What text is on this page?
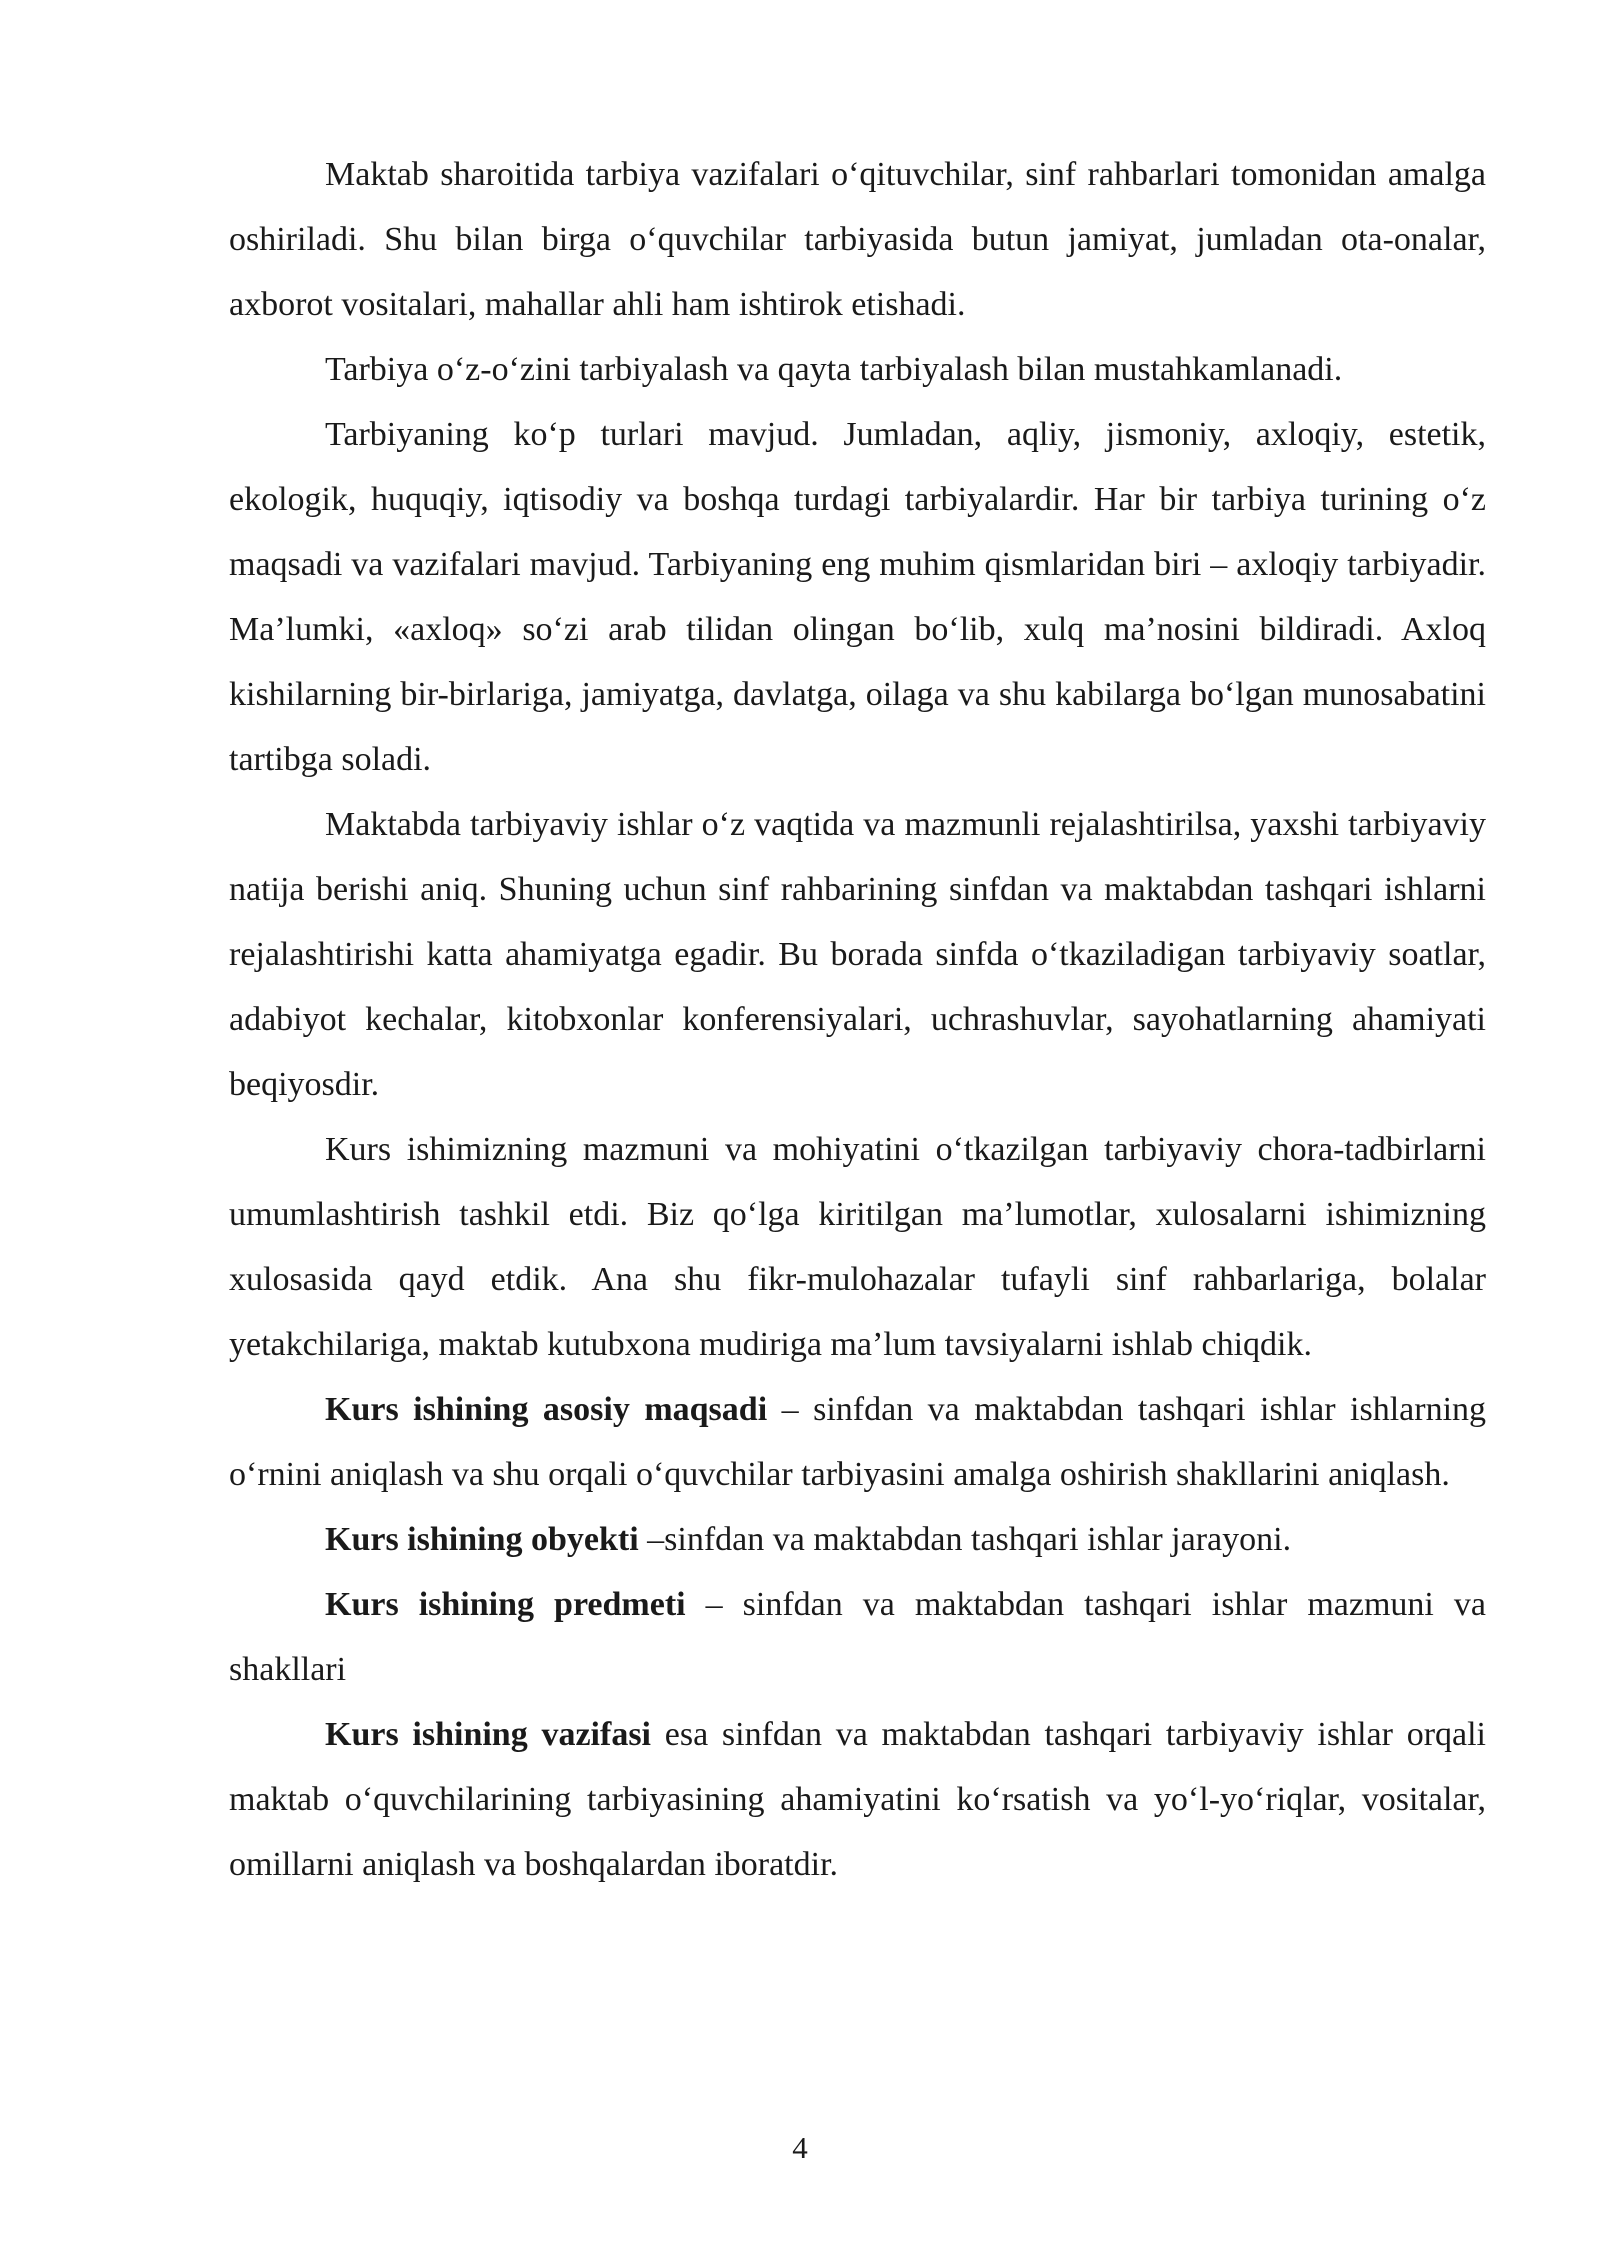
Maktab sharoitida tarbiya vazifalari o‘qituvchilar, sinf rahbarlari tomonidan amalga oshiriladi. Shu bilan birga o‘quvchilar tarbiyasida butun jamiyat, jumladan ota-onalar, axborot vositalari, mahallar ahli ham ishtirok etishadi.

Tarbiya o‘z-o‘zini tarbiyalash va qayta tarbiyalash bilan mustahkamlanadi.

Tarbiyaning ko‘p turlari mavjud. Jumladan, aqliy, jismoniy, axloqiy, estetik, ekologik, huquqiy, iqtisodiy va boshqa turdagi tarbiyalardir. Har bir tarbiya turining o‘z maqsadi va vazifalari mavjud. Tarbiyaning eng muhim qismlaridan biri – axloqiy tarbiyadir. Ma’lumki, «axloq» so‘zi arab tilidan olingan bo‘lib, xulq ma’nosini bildiradi. Axloq kishilarning bir-birlariga, jamiyatga, davlatga, oilaga va shu kabilarga bo‘lgan munosabatini tartibga soladi.

Maktabda tarbiyaviy ishlar o‘z vaqtida va mazmunli rejalashtirilsa, yaxshi tarbiyaviy natija berishi aniq. Shuning uchun sinf rahbarining sinfdan va maktabdan tashqari ishlarni rejalashtirishi katta ahamiyatga egadir. Bu borada sinfda o‘tkaziladigan tarbiyaviy soatlar, adabiyot kechalar, kitobxonlar konferensiyalari, uchrashuvlar, sayohatlarning ahamiyati beqiyosdir.

Kurs ishimizning mazmuni va mohiyatini o‘tkazilgan tarbiyaviy chora-tadbirlarni umumlashtirish tashkil etdi. Biz qo‘lga kiritilgan ma’lumotlar, xulosalarni ishimizning xulosasida qayd etdik. Ana shu fikr-mulohazalar tufayli sinf rahbarlariga, bolalar yetakchilariga, maktab kutubxona mudiriga ma’lum tavsiyalarni ishlab chiqdik.

Kurs ishining asosiy maqsadi – sinfdan va maktabdan tashqari ishlar ishlarning o‘rnini aniqlash va shu orqali o‘quvchilar tarbiyasini amalga oshirish shakllarini aniqlash.

Kurs ishining obyekti –sinfdan va maktabdan tashqari ishlar jarayoni.

Kurs ishining predmeti – sinfdan va maktabdan tashqari ishlar mazmuni va shakllari

Kurs ishining vazifasi esa sinfdan va maktabdan tashqari tarbiyaviy ishlar orqali maktab o‘quvchilarining tarbiyasining ahamiyatini ko‘rsatish va yo‘l-yo‘riqlar, vositalar, omillarni aniqlash va boshqalardan iboratdir.

4
